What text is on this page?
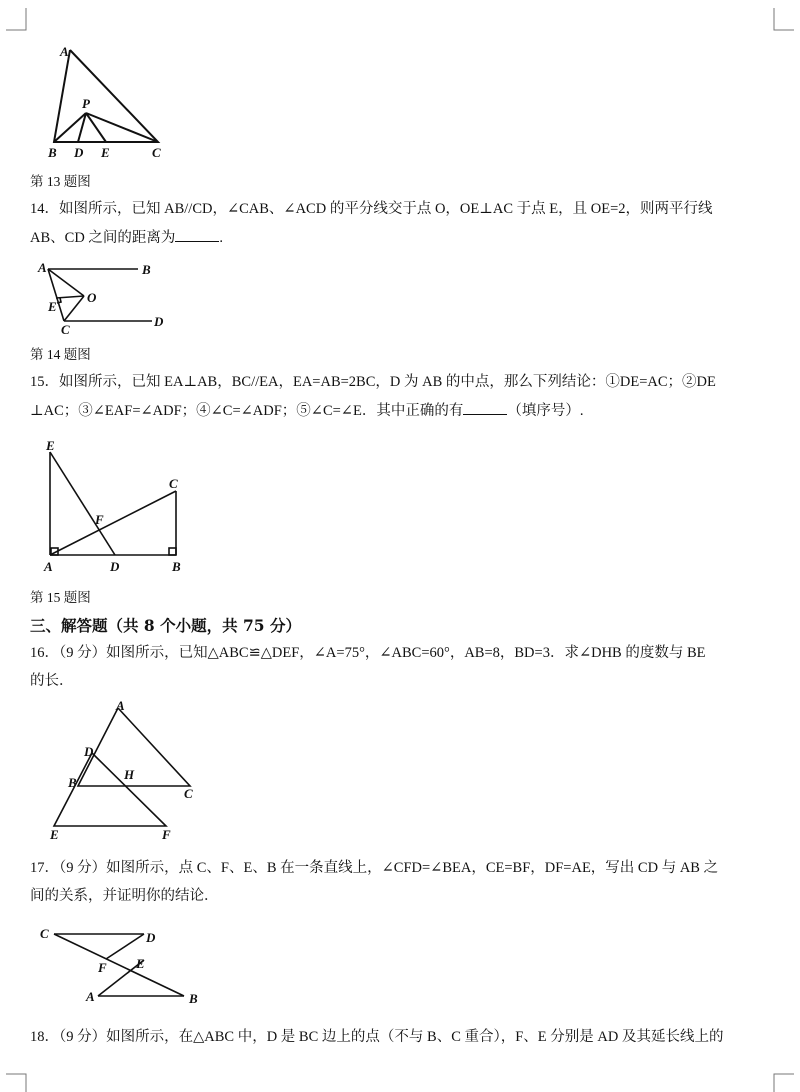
A
P
B D E	C
第 13 题图
14．如图所示，已知 AB//CD，∠CAB、∠ACD 的平分线交于点 O，OE⊥AC 于点 E，且 OE=2，则两平行线
AB、CD 之间的距离为	.
A	B
O
E
C
D
第 14 题图
15．如图所示，已知 EA⊥AB，BC//EA，EA=AB=2BC，D 为 AB 的中点，那么下列结论：①DE=AC；②DE
⊥AC；③∠EAF=∠ADF；④∠C=∠ADF；⑤∠C=∠E．其中正确的有	（填序号）.
E
C
F
A	D	B
第 15 题图
三、解答题（共 8 个小题，共 75 分）
16．（9 分）如图所示，已知△ABC≌△DEF，∠A=75°，∠ABC=60°，AB=8，BD=3．求∠DHB 的度数与 BE
的长．
A
D
B
H
C
E	F
17．（9 分）如图所示，点 C、F、E、B 在一条直线上，∠CFD=∠BEA，CE=BF，DF=AE，写出 CD 与 AB 之
间的关系，并证明你的结论．
C	D
F E
A	B
18．（9 分）如图所示，在△ABC 中，D 是 BC 边上的点（不与 B、C 重合），F、E 分别是 AD 及其延长线上的
